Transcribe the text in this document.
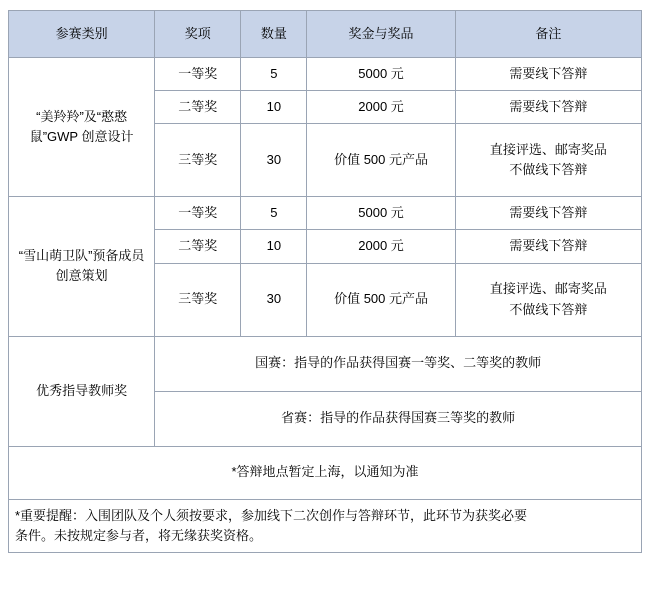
参赛类别	奖项	数量	奖金与奖品	备注
“美羚羚”及“憨憨鼠”GWP 创意设计	一等奖	5	5000 元	需要线下答辩
	二等奖	10	2000 元	需要线下答辩
	三等奖	30	价值 500 元产品	直接评选、邮寄奖品
不做线下答辩
“雪山萌卫队”预备成员创意策划	一等奖	5	5000 元	需要线下答辩
	二等奖	10	2000 元	需要线下答辩
	三等奖	30	价值 500 元产品	直接评选、邮寄奖品
不做线下答辩
优秀指导教师奖	国赛：指导的作品获得国赛一等奖、二等奖的教师			
	省赛：指导的作品获得国赛三等奖的教师			
*答辩地点暂定上海，以通知为准				

*重要提醒：入围团队及个人须按要求，参加线下二次创作与答辩环节，此环节为获奖必要
条件。未按规定参与者，将无缘获奖资格。				
